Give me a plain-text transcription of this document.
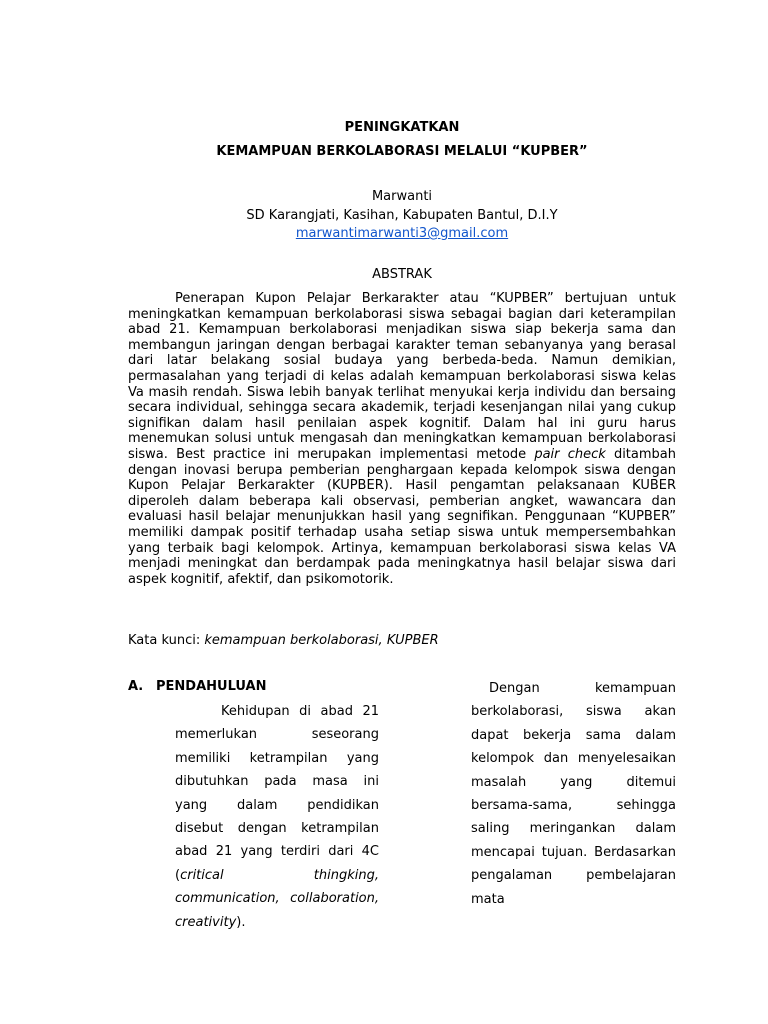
PENINGKATKAN
KEMAMPUAN BERKOLABORASI MELALUI “KUPBER”
Marwanti
SD Karangjati, Kasihan, Kabupaten Bantul, D.I.Y
marwantimarwanti3@gmail.com
ABSTRAK

Penerapan Kupon Pelajar Berkarakter atau “KUPBER” bertujuan untuk meningkatkan kemampuan berkolaborasi siswa sebagai bagian dari keterampilan abad 21. Kemampuan berkolaborasi menjadikan siswa siap bekerja sama dan membangun jaringan dengan berbagai karakter teman sebanyanya yang berasal dari latar belakang sosial budaya yang berbeda-beda. Namun demikian, permasalahan yang terjadi di kelas adalah kemampuan berkolaborasi siswa kelas Va masih rendah. Siswa lebih banyak terlihat menyukai kerja individu dan bersaing secara individual, sehingga secara akademik, terjadi kesenjangan nilai yang cukup signifikan dalam hasil penilaian aspek kognitif. Dalam hal ini guru harus menemukan solusi untuk mengasah dan meningkatkan kemampuan berkolaborasi siswa. Best practice ini merupakan implementasi metode pair check ditambah dengan inovasi berupa pemberian penghargaan kepada kelompok siswa dengan Kupon Pelajar Berkarakter (KUPBER). Hasil pengamtan pelaksanaan KUBER diperoleh dalam beberapa kali observasi, pemberian angket, wawancara dan evaluasi hasil belajar menunjukkan hasil yang segnifikan. Penggunaan “KUPBER” memiliki dampak positif terhadap usaha setiap siswa untuk mempersembahkan yang terbaik bagi kelompok. Artinya, kemampuan berkolaborasi siswa kelas VA menjadi meningkat dan berdampak pada meningkatnya hasil belajar siswa dari aspek kognitif, afektif, dan psikomotorik.

Kata kunci: kemampuan berkolaborasi, KUPBER
A. PENDAHULUAN

Kehidupan di abad 21 memerlukan seseorang memiliki ketrampilan yang dibutuhkan pada masa ini yang dalam pendidikan disebut dengan ketrampilan abad 21 yang terdiri dari 4C (critical thingking, communication, collaboration, creativity).

Dengan kemampuan berkolaborasi, siswa akan dapat bekerja sama dalam kelompok dan menyelesaikan masalah yang ditemui bersama-sama, sehingga saling meringankan dalam mencapai tujuan. Berdasarkan pengalaman pembelajaran mata
